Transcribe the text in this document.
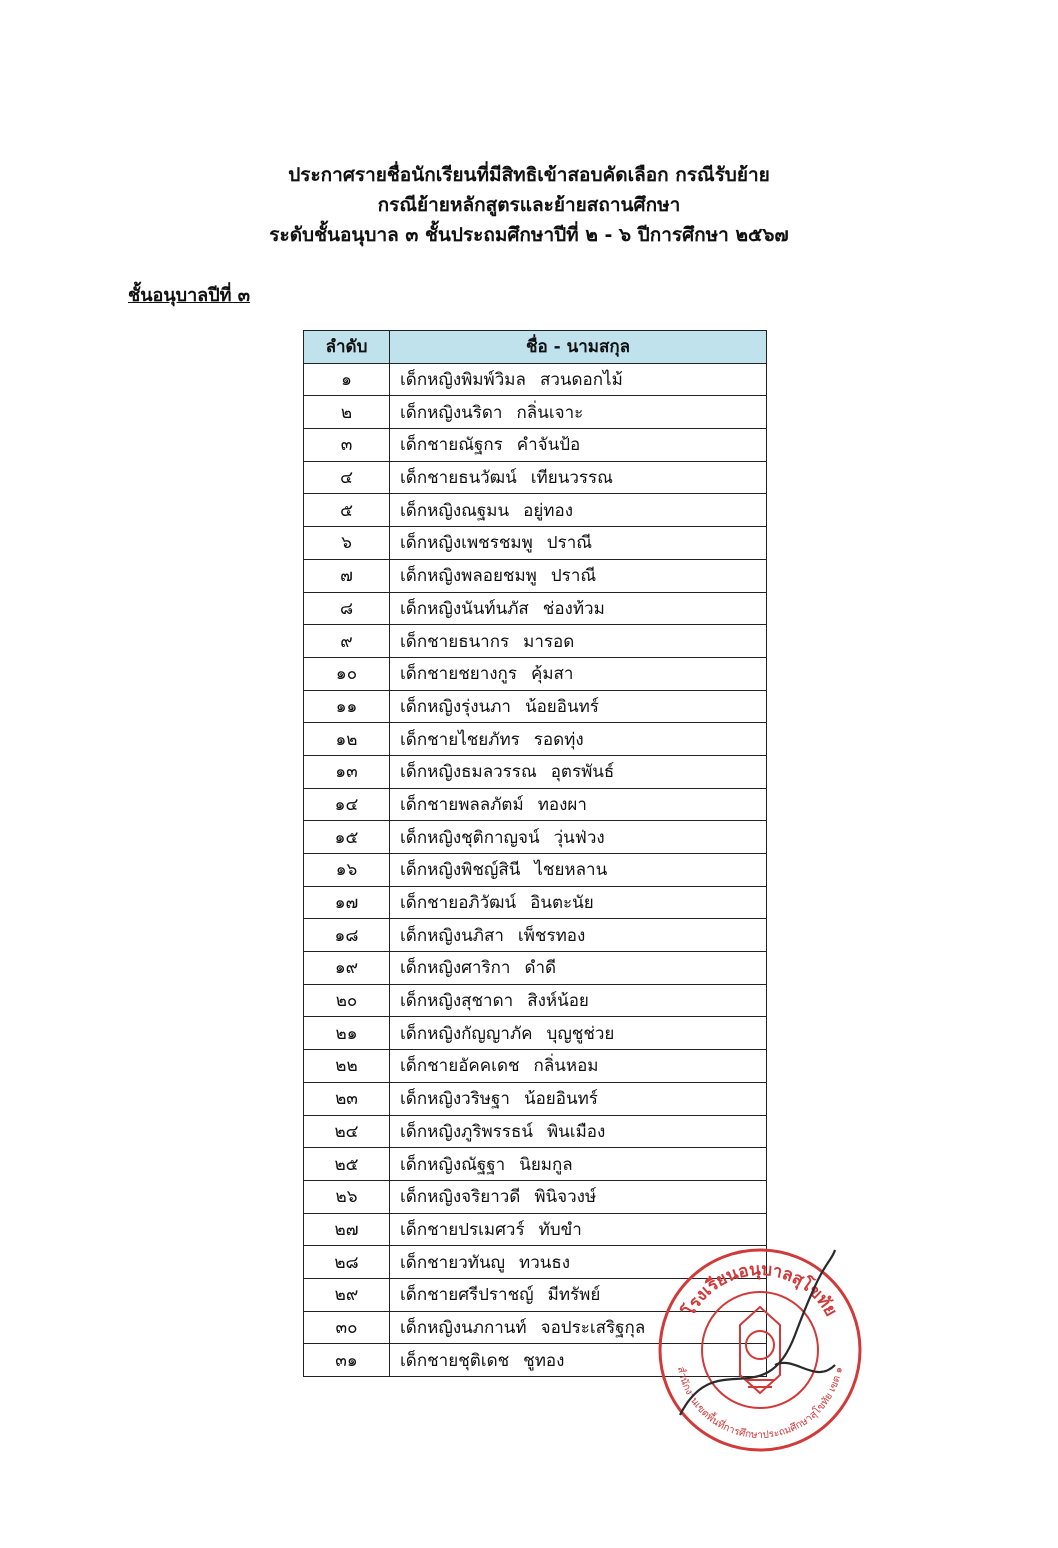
ประกาศรายชื่อนักเรียนที่มีสิทธิเข้าสอบคัดเลือก กรณีรับย้าย
กรณีย้ายหลักสูตรและย้ายสถานศึกษา
ระดับชั้นอนุบาล ๓ ชั้นประถมศึกษาปีที่ ๒ - ๖ ปีการศึกษา ๒๕๖๗
ชั้นอนุบาลปีที่ ๓
ลำดับ	ชื่อ - นามสกุล
๑	เด็กหญิงพิมพ์วิมล สวนดอกไม้
๒	เด็กหญิงนริดา กลิ่นเจาะ
๓	เด็กชายณัฐกร คำจันป้อ
๔	เด็กชายธนวัฒน์ เทียนวรรณ
๕	เด็กหญิงณฐมน อยู่ทอง
๖	เด็กหญิงเพชรชมพู ปราณี
๗	เด็กหญิงพลอยชมพู ปราณี
๘	เด็กหญิงนันท์นภัส ช่องท้วม
๙	เด็กชายธนากร มารอด
๑๐	เด็กชายชยางกูร คุ้มสา
๑๑	เด็กหญิงรุ่งนภา น้อยอินทร์
๑๒	เด็กชายไชยภัทร รอดทุ่ง
๑๓	เด็กหญิงธมลวรรณ อุตรพันธ์
๑๔	เด็กชายพลลภัตม์ ทองผา
๑๕	เด็กหญิงชุติกาญจน์ วุ่นฟ่วง
๑๖	เด็กหญิงพิชญ์สินี ไชยหลาน
๑๗	เด็กชายอภิวัฒน์ อินตะนัย
๑๘	เด็กหญิงนภิสา เพ็ชรทอง
๑๙	เด็กหญิงศาริกา ดำดี
๒๐	เด็กหญิงสุชาดา สิงห์น้อย
๒๑	เด็กหญิงกัญญาภัค บุญชูช่วย
๒๒	เด็กชายอัคคเดช กลิ่นหอม
๒๓	เด็กหญิงวริษฐา น้อยอินทร์
๒๔	เด็กหญิงภูริพรรธน์ พินเมือง
๒๕	เด็กหญิงณัฐฐา นิยมกูล
๒๖	เด็กหญิงจริยาวดี พินิจวงษ์
๒๗	เด็กชายปรเมศวร์ ทับขำ
๒๘	เด็กชายวทันญู ทวนธง
๒๙	เด็กชายศรีปราชญ์ มีทรัพย์
๓๐	เด็กหญิงนภกานท์ จอประเสริฐกุล
๓๑	เด็กชายชุติเดช ชูทอง
โรงเรียนอนุบาลสุโขทัย
สำนักงานเขตพื้นที่การศึกษาประถมศึกษาสุโขทัย เขต ๑
